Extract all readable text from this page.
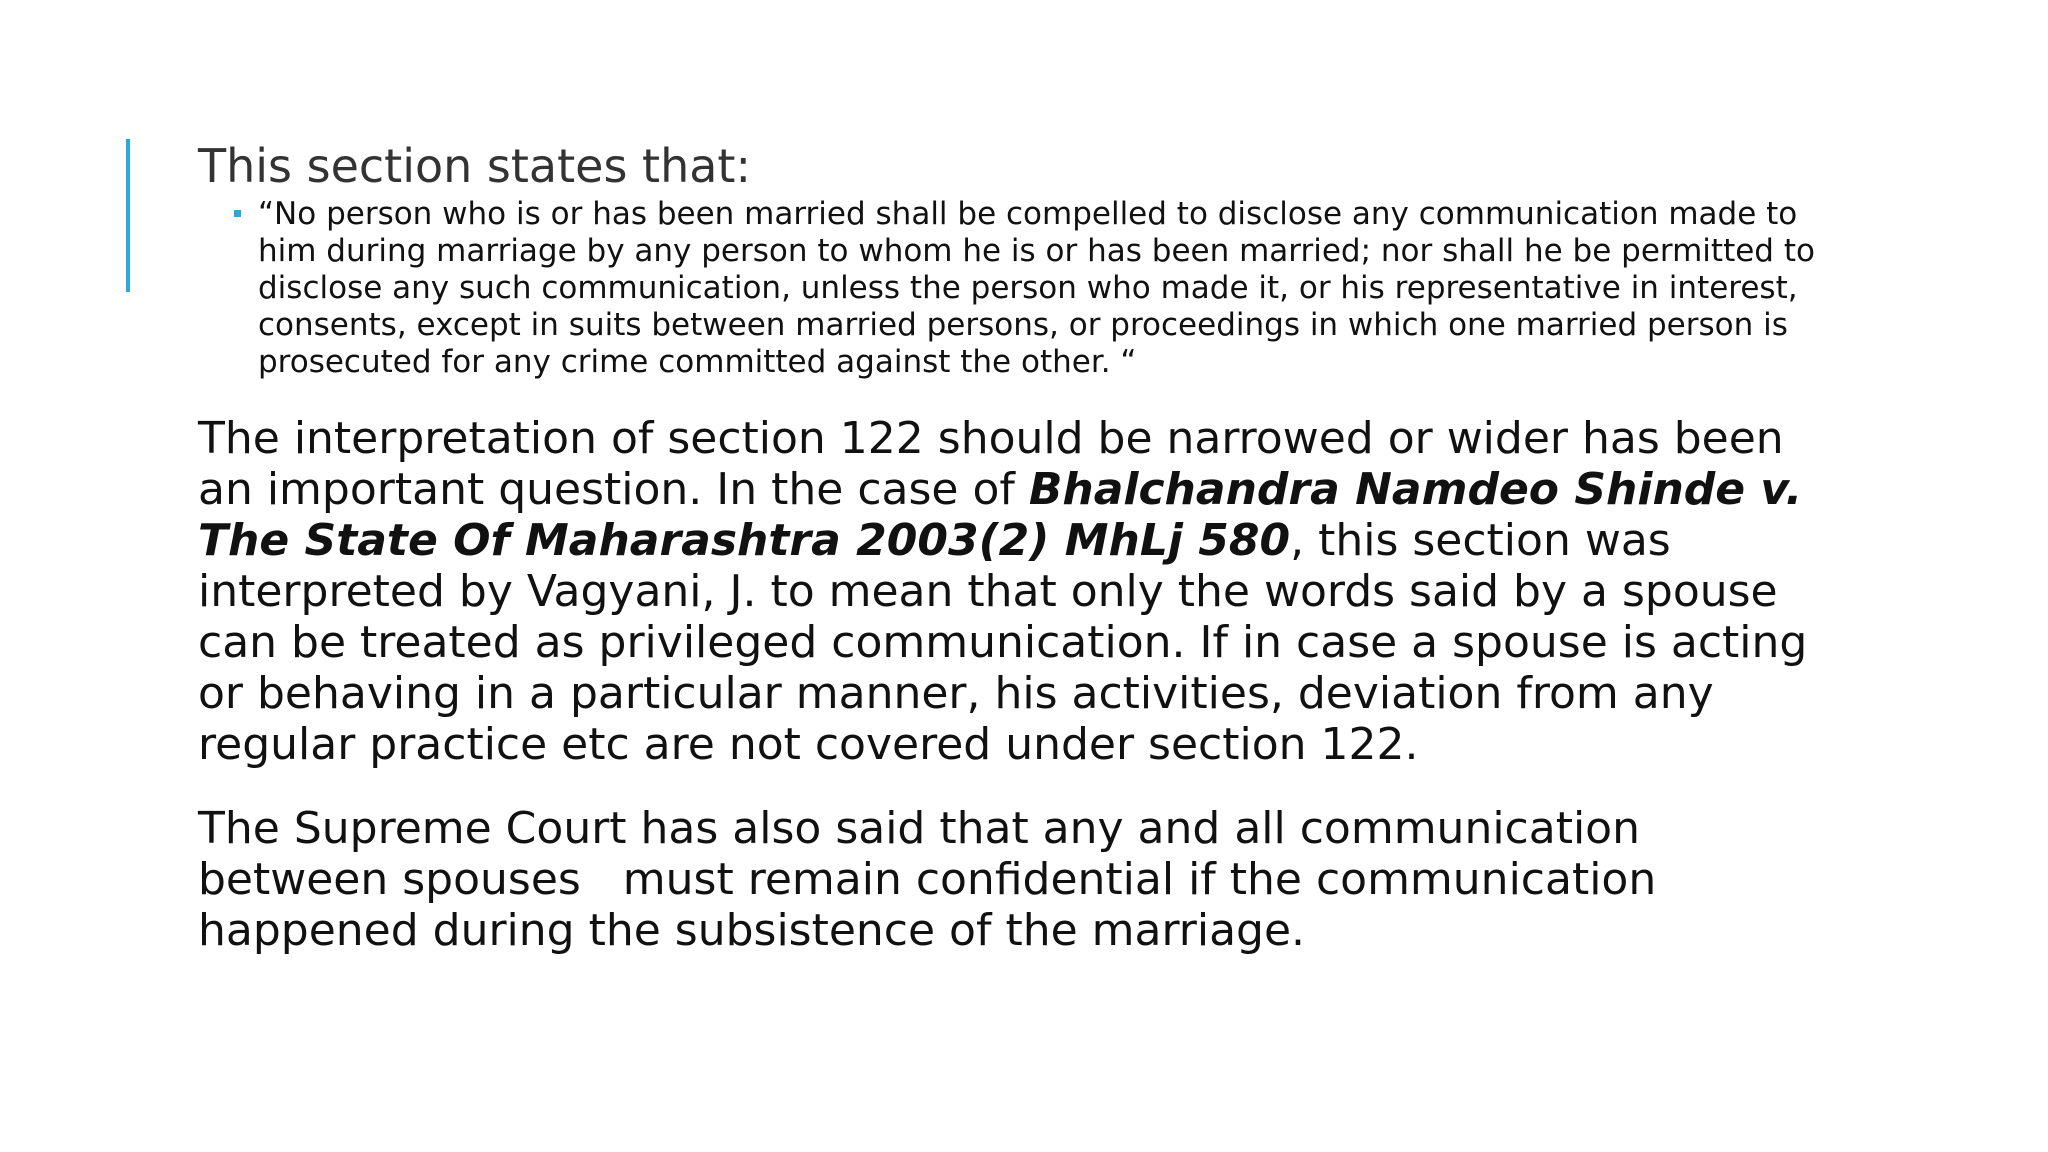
This section states that:

“No person who is or has been married shall be compelled to disclose any communication made to him during marriage by any person to whom he is or has been married; nor shall he be permitted to disclose any such communication, unless the person who made it, or his representative in interest, consents, except in suits between married persons, or proceedings in which one married person is prosecuted for any crime committed against the other. “

The interpretation of section 122 should be narrowed or wider has been an important question. In the case of Bhalchandra Namdeo Shinde v. The State Of Maharashtra 2003(2) MhLj 580, this section was interpreted by Vagyani, J. to mean that only the words said by a spouse can be treated as privileged communication. If in case a spouse is acting or behaving in a particular manner, his activities, deviation from any regular practice etc are not covered under section 122.

The Supreme Court has also said that any and all communication between spouses   must remain confidential if the communication happened during the subsistence of the marriage.
